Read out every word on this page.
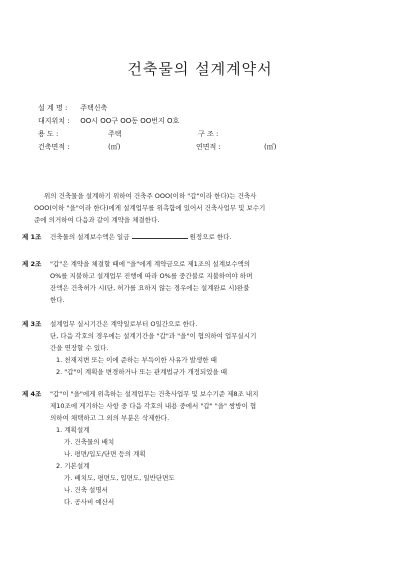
건축물의 설계계약서
설 계 명 : 주택신축
대지위치 : OO시 OO구 OO동 OO번지 O호
용 도 :	주택	구 조 :
건축면적 :	(㎡)	연면적 :	(㎡)

위의 건축물을 설계하기 위하여 건축주 OOO(이하 "갑"이라 한다)는 건축사

OOO(이하 "을"이라 한다)에게 설계업무를 위촉함에 있어서 건축사업무 및 보수기
준에 의거하여 다음과 같이 계약을 체결한다.
제 1조 건축물의 설계보수액은 일금	원정으로 한다.
제 2조 "갑"은 계약을 체결할 때에 "을"에게 계약금으로 제1조의 설계보수액의

O%를 지불하고 설계업무 진행에 따라 O%를 중간불로 지불하여야 하며

잔액은 건축허가 시(단, 허가를 요하지 않는 경우에는 설계완료 시)완불

한다.

제 3조 설계업무 실시기간은 계약일로부터 O일간으로 한다.

단, 다음 각호의 경우에는 설계기간을 "갑"과 "을"이 협의하여 업무실시기

간을 연장할 수 있다.

1. 천재지변 또는 이에 준하는 부득이한 사유가 발생한 때

2. "갑"이 계획을 변경하거나 또는 관계법규가 개정되었을 때

제 4조 "갑"이 "을"에게 위촉하는 설계업무는 건축사업무 및 보수기준 제8조 내지

제10조에 게기하는 사항 중 다음 각호의 내용 중에서 "갑" "을" 쌍방이 협

의하여 채택하고 그 외의 부분은 삭제한다.

1. 계획설계

가. 건축물의 배치

나. 평면/입도/단면 등의 계획

2. 기본설계

가. 배치도, 평면도, 입면도, 일반단면도

나. 건축 설명서

다. 공사비 예산서
